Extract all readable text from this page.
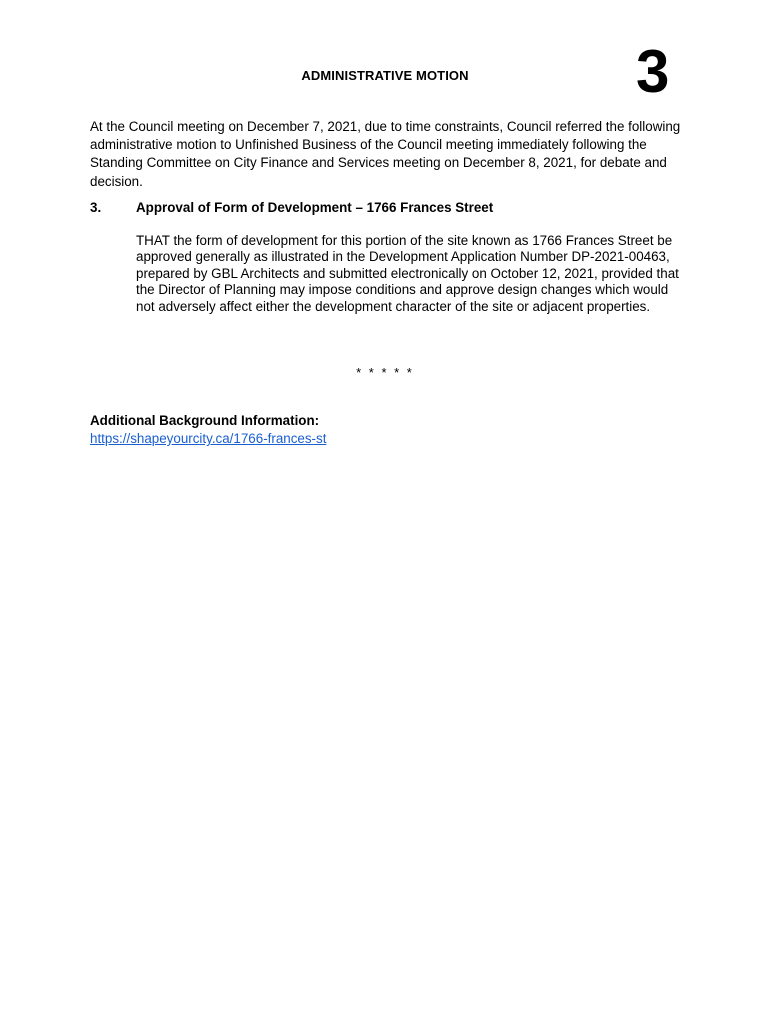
3
ADMINISTRATIVE MOTION
At the Council meeting on December 7, 2021, due to time constraints, Council referred the following administrative motion to Unfinished Business of the Council meeting immediately following the Standing Committee on City Finance and Services meeting on December 8, 2021, for debate and decision.
3.	Approval of Form of Development – 1766 Frances Street
THAT the form of development for this portion of the site known as 1766 Frances Street be approved generally as illustrated in the Development Application Number DP-2021-00463, prepared by GBL Architects and submitted electronically on October 12, 2021, provided that the Director of Planning may impose conditions and approve design changes which would not adversely affect either the development character of the site or adjacent properties.
* * * * *
Additional Background Information:
https://shapeyourcity.ca/1766-frances-st
